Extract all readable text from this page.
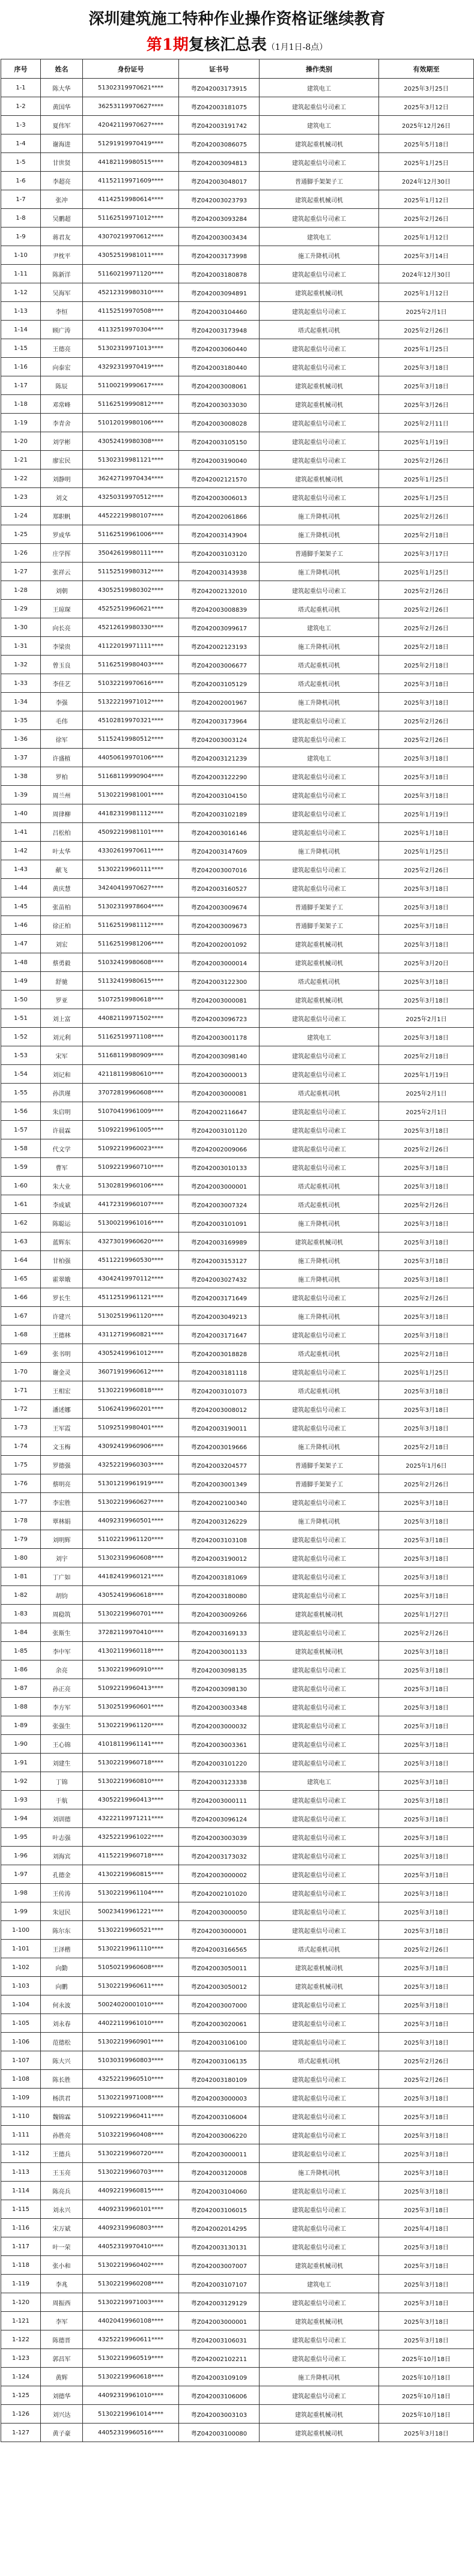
深圳建筑施工特种作业操作资格证继续教育
第1期复核汇总表（1月1日-8点）
序号	姓名	身份证号	证书号	操作类别	有效期至
1-1	陈大华	51302319970621****	粤Z042003173915	建筑电工	2025年3月25日
1-2	黄国华	36253119970627****	粤Z042003181075	建筑起重信号司索工	2025年3月12日
1-3	夏伟军	42042119970627****	粤Z042003191742	建筑电工	2025年12月26日
1-4	谢海进	51291919970419****	粤Z042003086075	建筑起重机械司机	2025年5月18日
1-5	甘世贤	44182119980515****	粤Z042003094813	建筑起重信号司索工	2025年1月25日
1-6	李超亮	41152119971609****	粤Z042003048017	普通脚手架架子工	2024年12月30日
1-7	张冲	41142519980614****	粤Z042003023793	建筑起重机械司机	2025年1月12日
1-8	吴鹏超	51162519971012****	粤Z042003093284	建筑起重信号司索工	2025年2月26日
1-9	蒋君友	43070219970612****	粤Z042003003434	建筑电工	2025年1月12日
1-10	尹枕平	43052519981011****	粤Z042003173998	施工升降机司机	2025年3月14日
1-11	陈新洋	51160219971120****	粤Z042003180878	建筑起重信号司索工	2024年12月30日
1-12	吴海军	45212319980310****	粤Z042003094891	建筑起重机械司机	2025年1月12日
1-13	李恒	41152519970508****	粤Z042003104460	建筑起重信号司索工	2025年2月1日
1-14	顾广涛	41132519970304****	粤Z042003173948	塔式起重机司机	2025年2月26日
1-15	王德亮	51302319971013****	粤Z042003060440	建筑起重信号司索工	2025年1月25日
1-16	向泰宏	43292319970419****	粤Z042003180440	建筑起重信号司索工	2025年3月18日
1-17	陈辰	51100219990617****	粤Z042003008061	建筑起重机械司机	2025年3月18日
1-18	邓常峰	51162519990812****	粤Z042003033030	建筑起重机械司机	2025年3月26日
1-19	李青舍	51012019980106****	粤Z042003008028	建筑起重信号司索工	2025年2月11日
1-20	刘学彬	43052419980308****	粤Z042003105150	建筑起重信号司索工	2025年1月19日
1-21	廖宏民	51302319981121****	粤Z042003190040	建筑起重信号司索工	2025年2月26日
1-22	刘静明	36242719970434****	粤Z042002121570	建筑起重机械司机	2025年1月25日
1-23	刘文	43250319970512****	粤Z042003006013	建筑起重信号司索工	2025年1月25日
1-24	郑职帆	44522219980107****	粤Z042002061866	施工升降机司机	2025年2月26日
1-25	罗成华	51162519961006****	粤Z042003143904	施工升降机司机	2025年2月18日
1-26	庄学挥	35042619980111****	粤Z042003103120	普通脚手架架子工	2025年3月17日
1-27	张祥云	51152519980312****	粤Z042003143938	施工升降机司机	2025年1月25日
1-28	刘朝	43052519980302****	粤Z042002132010	建筑起重信号司索工	2025年2月26日
1-29	王琼琛	45252519960621****	粤Z042003008839	塔式起重机司机	2025年2月26日
1-30	向长亮	45212619980330****	粤Z042003099617	建筑电工	2025年2月26日
1-31	李梁贵	41122019971111****	粤Z042002123193	施工升降机司机	2025年2月18日
1-32	曾玉良	51162519980403****	粤Z042003006677	塔式起重机司机	2025年2月18日
1-33	李佳艺	51032219970616****	粤Z042003105129	塔式起重机司机	2025年3月18日
1-34	李强	51322219971012****	粤Z042002001967	施工升降机司机	2025年3月18日
1-35	毛伟	45102819970321****	粤Z042003173964	建筑起重信号司索工	2025年2月26日
1-36	徐军	51152419980512****	粤Z042003003124	建筑起重信号司索工	2025年2月26日
1-37	许盛植	44050619970106****	粤Z042003121239	建筑电工	2025年3月18日
1-38	罗柏	51168119990904****	粤Z042003122290	建筑起重信号司索工	2025年3月18日
1-39	周兰州	51302219981001****	粤Z042003104150	建筑起重信号司索工	2025年3月18日
1-40	周律柳	44182319981112****	粤Z042003102189	建筑起重信号司索工	2025年1月19日
1-41	吕松柏	45092219981101****	粤Z042003016146	建筑起重信号司索工	2025年1月18日
1-42	叶太华	43302619970611****	粤Z042003147609	施工升降机司机	2025年1月25日
1-43	献飞	51302219960111****	粤Z042003007016	建筑起重信号司索工	2025年2月26日
1-44	黄庆慧	34240419970627****	粤Z042003160527	建筑起重信号司索工	2025年3月18日
1-45	张苗柏	51302319978604****	粤Z042003009674	普通脚手架架子工	2025年3月18日
1-46	徐正柏	51162519981112****	粤Z042003009673	普通脚手架架子工	2025年3月18日
1-47	刘宏	51162519981206****	粤Z042002001092	建筑起重机械司机	2025年3月18日
1-48	蔡勇毅	51032419980608****	粤Z042003000014	建筑起重机械司机	2025年3月20日
1-49	舒驰	51132419980615****	粤Z042003122300	塔式起重机司机	2025年3月18日
1-50	罗亚	51072519980618****	粤Z042003000081	建筑起重机械司机	2025年3月18日
1-51	刘上富	44082119971502****	粤Z042003096723	建筑起重信号司索工	2025年2月1日
1-52	刘元利	51162519971108****	粤Z042003001178	建筑电工	2025年3月18日
1-53	宋军	51168119980909****	粤Z042003098140	建筑起重信号司索工	2025年2月18日
1-54	刘记和	42118119980610****	粤Z042003000013	建筑起重信号司索工	2025年1月19日
1-55	孙洪瑾	37072819960608****	粤Z042003000081	塔式起重机司机	2025年2月1日
1-56	朱启明	51070419961009****	粤Z042002116647	建筑起重信号司索工	2025年2月1日
1-57	许晨霖	51092219961005****	粤Z042003101120	建筑起重信号司索工	2025年3月18日
1-58	代文学	51092219960023****	粤Z042002009066	建筑起重信号司索工	2025年2月26日
1-59	曹军	51092219960710****	粤Z042003010133	建筑起重信号司索工	2025年3月18日
1-60	朱大业	51302819960106****	粤Z042003000001	塔式起重机司机	2025年3月18日
1-61	李成斌	44172319960107****	粤Z042003007324	塔式起重机司机	2025年2月26日
1-62	陈聪运	51300219961016****	粤Z042003101091	施工升降机司机	2025年3月18日
1-63	蓝辉东	43273019960620****	粤Z042003169989	建筑起重机械司机	2025年3月18日
1-64	甘柏强	45112219960530****	粤Z042003153127	施工升降机司机	2025年3月18日
1-65	霍翠娥	43042419970112****	粤Z042003027432	施工升降机司机	2025年3月18日
1-66	罗长生	45112519961121****	粤Z042003171649	建筑起重信号司索工	2025年2月26日
1-67	许建兴	51302519961120****	粤Z042003049213	施工升降机司机	2025年3月18日
1-68	王德林	43112719960821****	粤Z042003171647	建筑起重信号司索工	2025年3月18日
1-69	张书明	43052419961012****	粤Z042003018828	塔式起重机司机	2025年2月18日
1-70	谢金灵	36071919960612****	粤Z042003181118	建筑起重信号司索工	2025年1月25日
1-71	王相宏	51302219960818****	粤Z042003101073	塔式起重机司机	2025年3月18日
1-72	潘述娜	51062419960201****	粤Z042003008012	建筑起重信号司索工	2025年3月18日
1-73	王军霞	51092519980401****	粤Z042003190011	建筑起重信号司索工	2025年3月18日
1-74	文玉梅	43092419960906****	粤Z042003019666	施工升降机司机	2025年2月18日
1-75	罗德强	43252219960303****	粤Z042003204577	普通脚手架架子工	2025年1月6日
1-76	蔡明亮	51301219961919****	粤Z042003001349	普通脚手架架子工	2025年2月26日
1-77	李宏胜	51302219960627****	粤Z042002100340	建筑起重信号司索工	2025年3月18日
1-78	覃林娟	44092319960501****	粤Z042003126229	施工升降机司机	2025年3月18日
1-79	刘明辉	51102219961120****	粤Z042003103108	建筑起重信号司索工	2025年3月18日
1-80	刘宇	51302319960608****	粤Z042003190012	建筑起重信号司索工	2025年3月18日
1-81	丁广如	44182419960121****	粤Z042003181069	建筑起重信号司索工	2025年3月18日
1-82	胡钧	43052419960618****	粤Z042003180080	建筑起重信号司索工	2025年3月18日
1-83	周稳筑	51302219960701****	粤Z042003009266	建筑起重机械司机	2025年1月27日
1-84	张斯生	37282119970410****	粤Z042003169133	建筑起重信号司索工	2025年2月26日
1-85	李中军	41302119960118****	粤Z042003001133	建筑起重机械司机	2025年3月18日
1-86	余亮	51302219960910****	粤Z042003098135	建筑起重信号司索工	2025年3月18日
1-87	孙正亮	51092219960413****	粤Z042003098130	建筑起重信号司索工	2025年3月18日
1-88	李方军	51302519960601****	粤Z042003003348	建筑起重信号司索工	2025年3月18日
1-89	张强生	51302219961120****	粤Z042003000032	建筑起重信号司索工	2025年3月18日
1-90	王心锦	41018119961141****	粤Z042003003361	建筑起重信号司索工	2025年3月18日
1-91	刘建生	51302219960718****	粤Z042003101220	建筑起重信号司索工	2025年3月18日
1-92	丁锦	51302219960810****	粤Z042003123338	建筑电工	2025年3月18日
1-93	于航	43052219960413****	粤Z042003000111	建筑起重信号司索工	2025年3月18日
1-94	刘训德	43222119971211****	粤Z042003096124	建筑起重信号司索工	2025年3月18日
1-95	叶志强	43252219961022****	粤Z042003003039	建筑起重信号司索工	2025年3月18日
1-96	刘海宾	41152219960718****	粤Z042003173032	建筑起重信号司索工	2025年3月18日
1-97	孔德金	41302219960815****	粤Z042003000002	建筑起重信号司索工	2025年3月18日
1-98	王传涛	51302219961104****	粤Z042002101020	建筑起重信号司索工	2025年3月18日
1-99	朱冠民	50023419961221****	粤Z042003000050	建筑起重信号司索工	2025年3月18日
1-100	陈尔东	51302219960521****	粤Z042003000001	建筑起重信号司索工	2025年3月18日
1-101	王泽楷	51302219961110****	粤Z042003166565	塔式起重机司机	2025年2月26日
1-102	向勤	51050219960608****	粤Z042003050011	建筑起重机械司机	2025年3月18日
1-103	向鹏	51302219960611****	粤Z042003050012	建筑起重机械司机	2025年3月18日
1-104	何永波	50024020001010****	粤Z042003007000	建筑起重信号司索工	2025年3月18日
1-105	刘永春	44022119961010****	粤Z042003020061	建筑起重信号司索工	2025年3月18日
1-106	范德松	51302219960901****	粤Z042003106100	建筑起重信号司索工	2025年3月18日
1-107	陈大兴	51030319960803****	粤Z042003106135	塔式起重机司机	2025年2月26日
1-108	陈长胜	43252219960510****	粤Z042003180109	建筑起重信号司索工	2025年2月26日
1-109	杨洪君	51302219971008****	粤Z042003000003	建筑起重信号司索工	2025年3月18日
1-110	魏锦霖	51092219960411****	粤Z042003106004	建筑起重信号司索工	2025年3月18日
1-111	孙胜亮	51032219960408****	粤Z042003006220	建筑起重信号司索工	2025年3月18日
1-112	王德兵	51302219960720****	粤Z042003000011	建筑起重信号司索工	2025年3月18日
1-113	王玉亮	51302219960703****	粤Z042003120008	施工升降机司机	2025年3月18日
1-114	陈亮兵	44092219960815****	粤Z042003104060	建筑起重信号司索工	2025年3月18日
1-115	刘永兴	44092319960101****	粤Z042003106015	建筑起重信号司索工	2025年3月18日
1-116	宋万斌	44092319960803****	粤Z042002014295	建筑起重信号司索工	2025年4月18日
1-117	叶一荣	44052319970410****	粤Z042003130131	建筑起重信号司索工	2025年3月18日
1-118	张小和	51302219960402****	粤Z042003007007	建筑起重机械司机	2025年3月18日
1-119	李兆	51302219960208****	粤Z042003107107	建筑电工	2025年3月18日
1-120	周振西	51302219971003****	粤Z042003129129	建筑起重信号司索工	2025年3月18日
1-121	李军	44020419960108****	粤Z042003000001	建筑起重机械司机	2025年3月18日
1-122	陈德晋	43252219960611****	粤Z042003106031	建筑起重信号司索工	2025年3月18日
1-123	郭昌军	51302219960519****	粤Z042002102211	建筑起重信号司索工	2025年10月18日
1-124	黄辉	51302219960618****	粤Z042003109109	施工升降机司机	2025年10月18日
1-125	刘德华	44092319961010****	粤Z042003106006	建筑起重信号司索工	2025年10月18日
1-126	刘兴达	51302219961014****	粤Z042003003103	建筑起重机械司机	2025年10月18日
1-127	黄子豪	44052319960516****	粤Z042003100080	建筑起重机械司机	2025年3月18日
